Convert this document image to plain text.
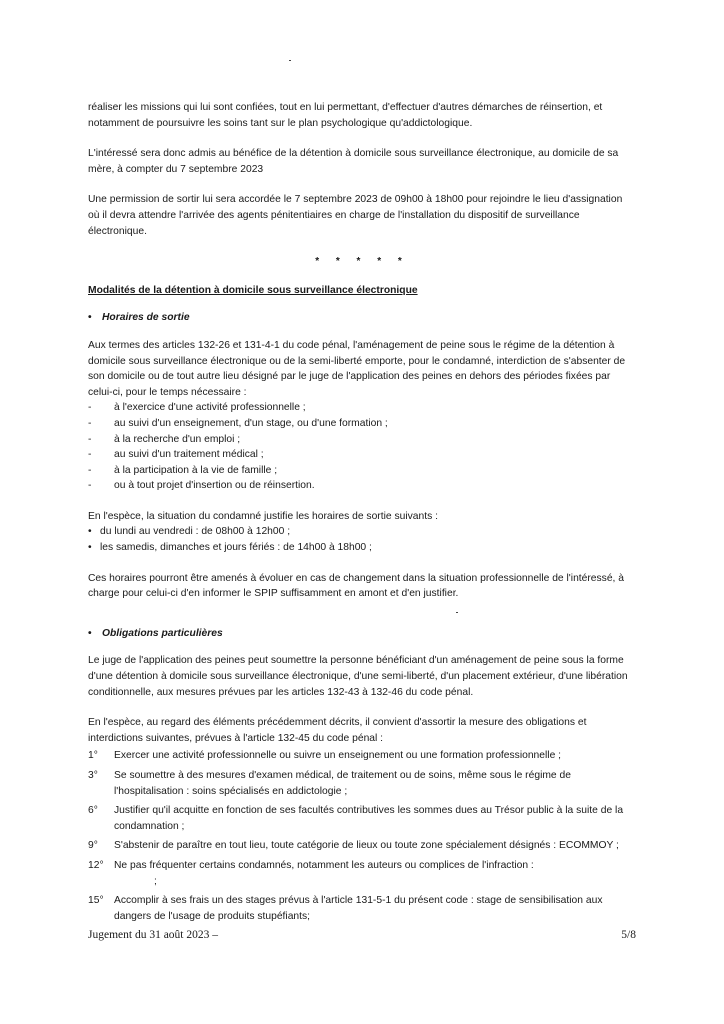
réaliser les missions qui lui sont confiées, tout en lui permettant, d'effectuer d'autres démarches de réinsertion, et notamment de poursuivre les soins tant sur le plan psychologique qu'addictologique.

L'intéressé sera donc admis au bénéfice de la détention à domicile sous surveillance électronique, au domicile de sa mère, à compter du 7 septembre 2023

Une permission de sortir lui sera accordée le 7 septembre 2023 de 09h00 à 18h00 pour rejoindre le lieu d'assignation où il devra attendre l'arrivée des agents pénitentiaires en charge de l'installation du dispositif de surveillance électronique.

* * * * *
Modalités de la détention à domicile sous surveillance électronique
•	Horaires de sortie

Aux termes des articles 132-26 et 131-4-1 du code pénal, l'aménagement de peine sous le régime de la détention à domicile sous surveillance électronique ou de la semi-liberté emporte, pour le condamné, interdiction de s'absenter de son domicile ou de tout autre lieu désigné par le juge de l'application des peines en dehors des périodes fixées par celui-ci, pour le temps nécessaire :

-	à l'exercice d'une activité professionnelle ;
-	au suivi d'un enseignement, d'un stage, ou d'une formation ;
-	à la recherche d'un emploi ;
-	au suivi d'un traitement médical ;
-	à la participation à la vie de famille ;
-	ou à tout projet d'insertion ou de réinsertion.

En l'espèce, la situation du condamné justifie les horaires de sortie suivants :

• du lundi au vendredi : de 08h00 à 12h00 ;
• les samedis, dimanches et jours fériés : de 14h00 à 18h00 ;

Ces horaires pourront être amenés à évoluer en cas de changement dans la situation professionnelle de l'intéressé, à charge pour celui-ci d'en informer le SPIP suffisamment en amont et d'en justifier.

•	Obligations particulières

Le juge de l'application des peines peut soumettre la personne bénéficiant d'un aménagement de peine sous la forme d'une détention à domicile sous surveillance électronique, d'une semi-liberté, d'un placement extérieur, d'une libération conditionnelle, aux mesures prévues par les articles 132-43 à 132-46 du code pénal.

En l'espèce, au regard des éléments précédemment décrits, il convient d'assortir la mesure des obligations et interdictions suivantes, prévues à l'article 132-45 du code pénal :

1°	Exercer une activité professionnelle ou suivre un enseignement ou une formation professionnelle ;
3°	Se soumettre à des mesures d'examen médical, de traitement ou de soins, même sous le régime de l'hospitalisation : soins spécialisés en addictologie ;
6°	Justifier qu'il acquitte en fonction de ses facultés contributives les sommes dues au Trésor public à la suite de la condamnation ;
9°	S'abstenir de paraître en tout lieu, toute catégorie de lieux ou toute zone spécialement désignés : ECOMMOY ;
12°	Ne pas fréquenter certains condamnés, notamment les auteurs ou complices de l'infraction :
;
15°	Accomplir à ses frais un des stages prévus à l'article 131-5-1 du présent code : stage de sensibilisation aux dangers de l'usage de produits stupéfiants;
Jugement du 31 août 2023 –	5/8
